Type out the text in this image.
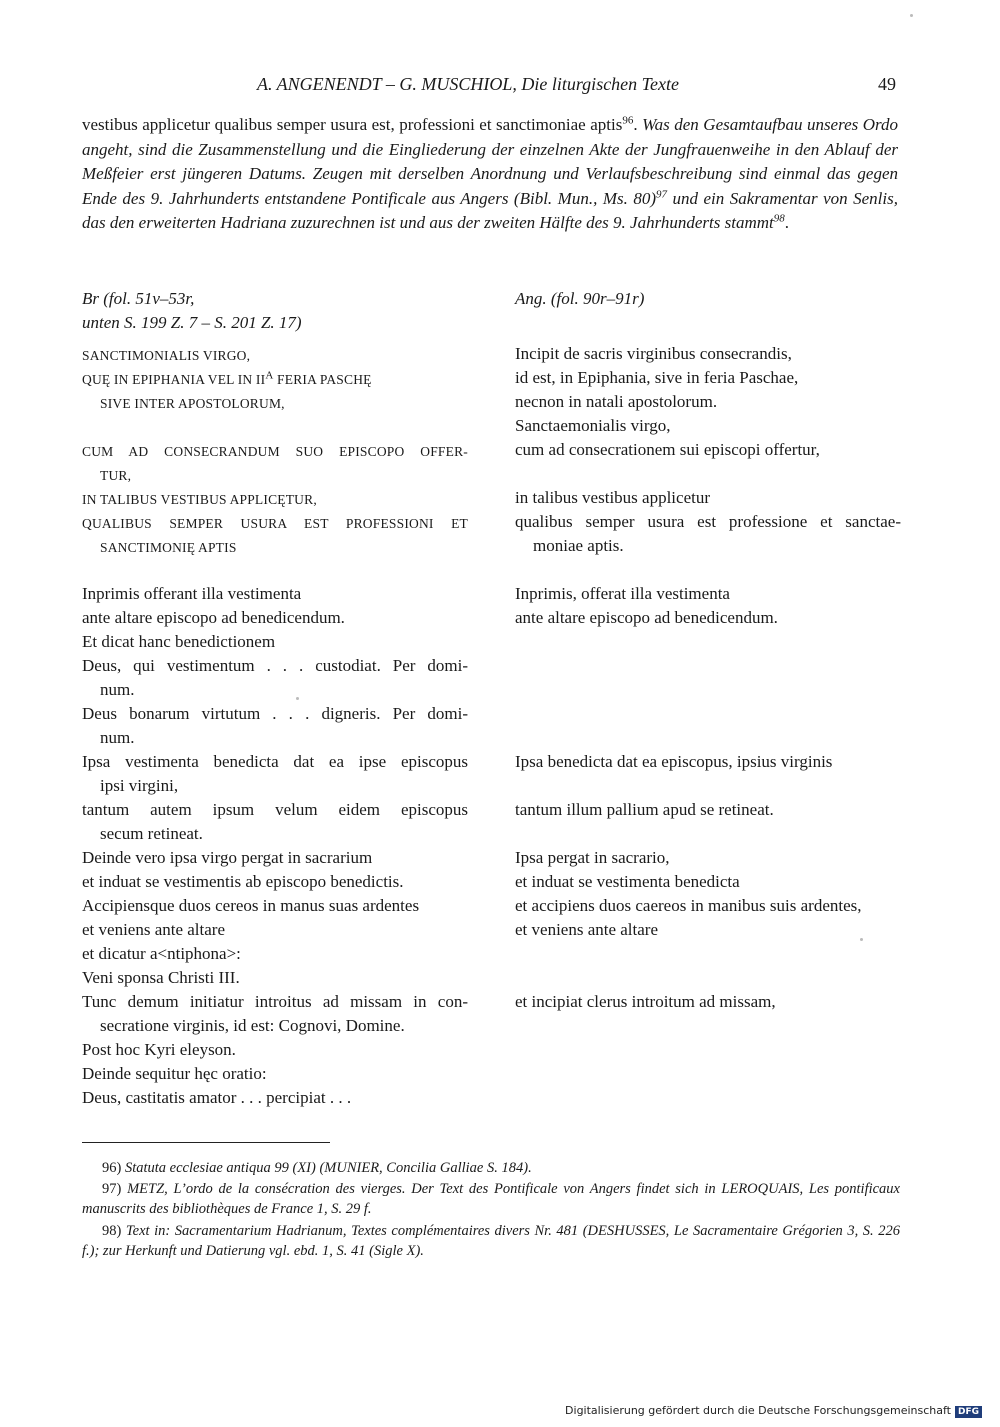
A. ANGENENDT – G. MUSCHIOL, Die liturgischen Texte	49
vestibus applicetur qualibus semper usura est, professioni et sanctimoniae aptis$^{96}$. Was den Gesamtaufbau unseres Ordo angeht, sind die Zusammenstellung und die Eingliederung der einzelnen Akte der Jungfrauenweihe in den Ablauf der Meßfeier erst jüngeren Datums. Zeugen mit derselben Anordnung und Verlaufsbeschreibung sind einmal das gegen Ende des 9. Jahrhunderts entstandene Pontificale aus Angers (Bibl. Mun., Ms. 80)$^{97}$ und ein Sakramentar von Senlis, das den erweiterten Hadriana zuzurechnen ist und aus der zweiten Hälfte des 9. Jahrhunderts stammt$^{98}$.
Br (fol. 51v–53r,
unten S. 199 Z. 7 – S. 201 Z. 17)
SANCTIMONIALIS VIRGO,
QUĘ IN EPIPHANIA VEL IN $II^A$ FERIA PASCHĘ
SIVE INTER APOSTOLORUM,
CUM AD CONSECRANDUM SUO EPISCOPO OFFER-
TUR,
IN TALIBUS VESTIBUS APPLICĘTUR,
QUALIBUS SEMPER USURA EST PROFESSIONI ET
SANCTIMONIĘ APTIS
Inprimis offerant illa vestimenta
ante altare episcopo ad benedicendum.
Et dicat hanc benedictionem
Deus, qui vestimentum . . . custodiat. Per domi-
num.
Deus bonarum virtutum . . . digneris. Per domi-
num.
Ipsa vestimenta benedicta dat ea ipse episcopus
ipsi virgini,
tantum autem ipsum velum eidem episcopus
secum retineat.
Deinde vero ipsa virgo pergat in sacrarium
et induat se vestimentis ab episcopo benedictis.
Accipiensque duos cereos in manus suas ardentes
et veniens ante altare
et dicatur a<ntiphona>:
Veni sponsa Christi III.
Tunc demum initiatur introitus ad missam in con-
secratione virginis, id est: Cognovi, Domine.
Post hoc Kyri eleyson.
Deinde sequitur hęc oratio:
Deus, castitatis amator . . . percipiat . . .
Ang. (fol. 90r–91r)
Incipit de sacris virginibus consecrandis,
id est, in Epiphania, sive in feria Paschae,
necnon in natali apostolorum.
Sanctaemonialis virgo,
cum ad consecrationem sui episcopi offertur,
in talibus vestibus applicetur
qualibus semper usura est professione et sanctae-
moniae aptis.
Inprimis, offerat illa vestimenta
ante altare episcopo ad benedicendum.
Ipsa benedicta dat ea episcopus, ipsius virginis
tantum illum pallium apud se retineat.
Ipsa pergat in sacrario,
et induat se vestimenta benedicta
et accipiens duos caereos in manibus suis ardentes,
et veniens ante altare
et incipiat clerus introitum ad missam,
96) Statuta ecclesiae antiqua 99 (XI) (MUNIER, Concilia Galliae S. 184).
97) METZ, L’ordo de la consécration des vierges. Der Text des Pontificale von Angers findet sich in LEROQUAIS, Les pontificaux manuscrits des bibliothèques de France 1, S. 29 f.
98) Text in: Sacramentarium Hadrianum, Textes complémentaires divers Nr. 481 (DESHUSSES, Le Sacramentaire Grégorien 3, S. 226 f.); zur Herkunft und Datierung vgl. ebd. 1, S. 41 (Sigle X).
Digitalisierung gefördert durch die Deutsche Forschungsgemeinschaft DFG
